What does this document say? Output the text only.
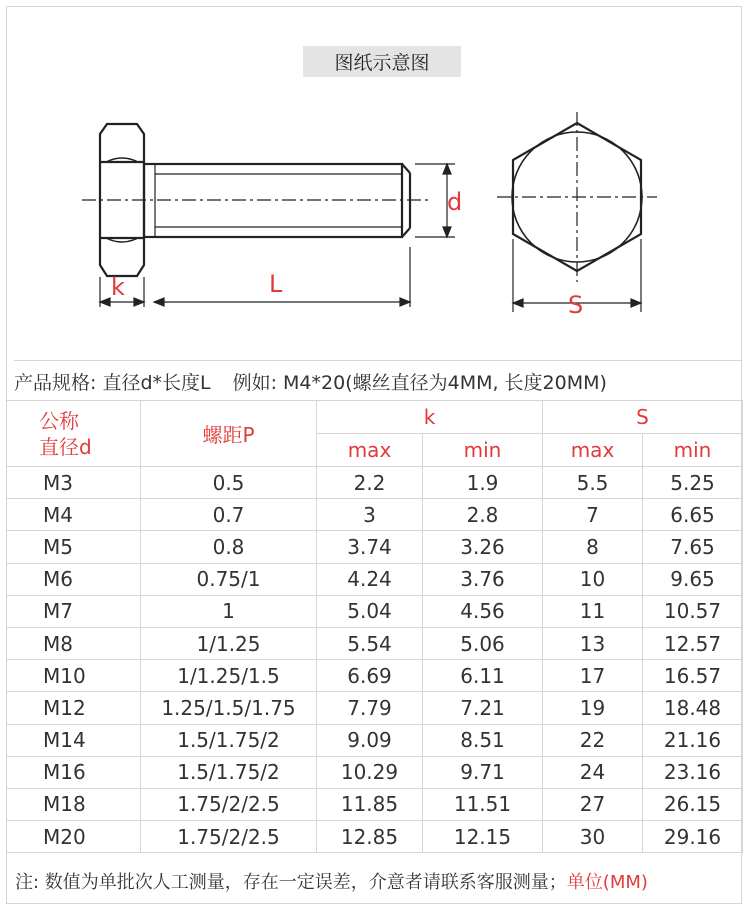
图纸示意图
d
k	L
S
产品规格: 直径d*长度L 例如: M4*20(螺丝直径为4MM, 长度20MM)
公称
直径d	螺距P	k		S	
		max	min	max	min
M3	0.5	2.2	1.9	5.5	5.25
M4	0.7	3	2.8	7	6.65
M5	0.8	3.74	3.26	8	7.65
M6	0.75/1	4.24	3.76	10	9.65
M7	1	5.04	4.56	11	10.57
M8	1/1.25	5.54	5.06	13	12.57
M10	1/1.25/1.5	6.69	6.11	17	16.57
M12	1.25/1.5/1.75	7.79	7.21	19	18.48
M14	1.5/1.75/2	9.09	8.51	22	21.16
M16	1.5/1.75/2	10.29	9.71	24	23.16
M18	1.75/2/2.5	11.85	11.51	27	26.15
M20	1.75/2/2.5	12.85	12.15	30	29.16
注: 数值为单批次人工测量，存在一定误差，介意者请联系客服测量； 单位(MM)
